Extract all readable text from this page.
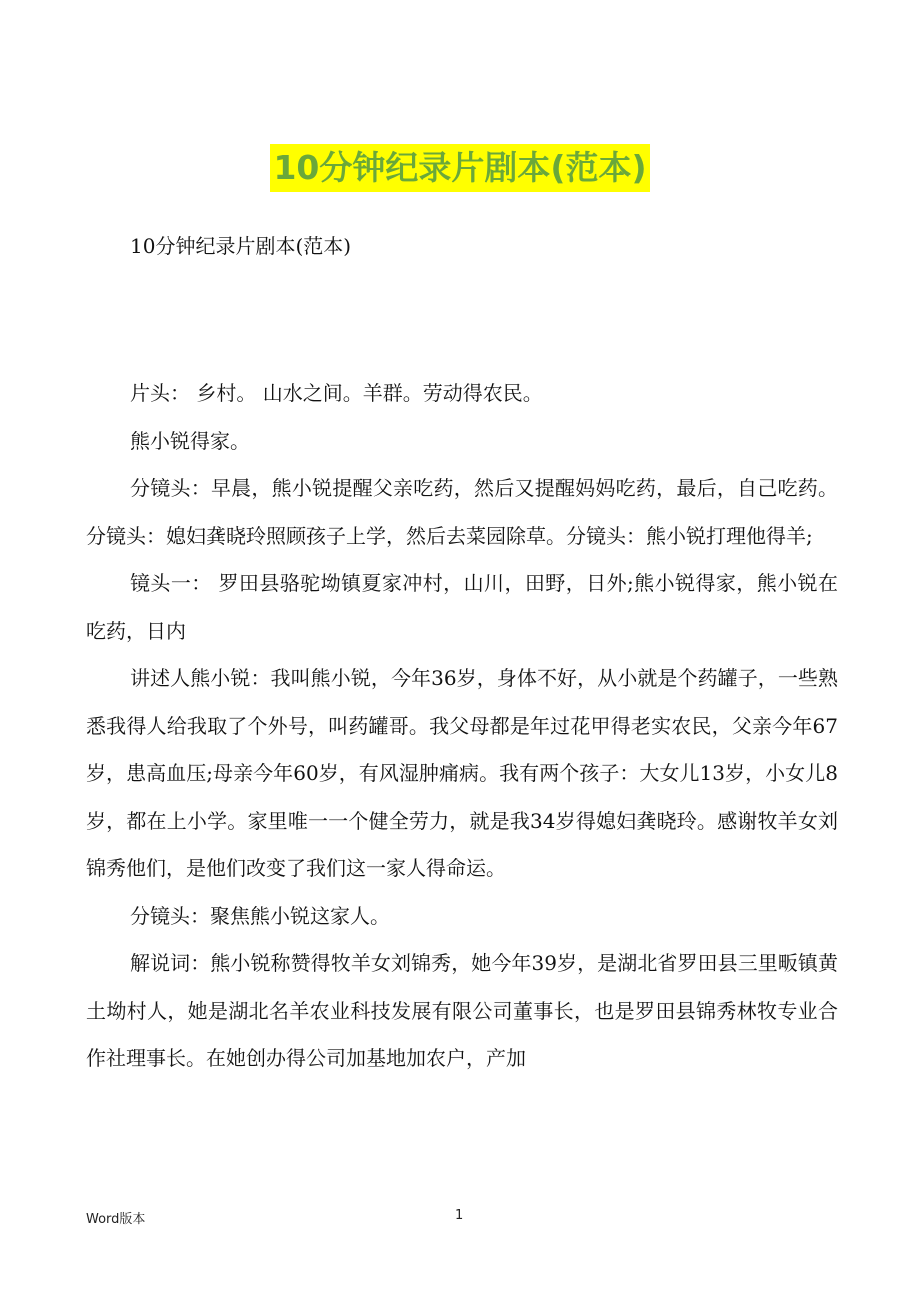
10分钟纪录片剧本(范本)
10分钟纪录片剧本(范本)

片头： 乡村。 山水之间。羊群。劳动得农民。

熊小锐得家。

分镜头：早晨，熊小锐提醒父亲吃药，然后又提醒妈妈吃药，最后，自己吃药。分镜头：媳妇龚晓玲照顾孩子上学，然后去菜园除草。分镜头：熊小锐打理他得羊;

镜头一： 罗田县骆驼坳镇夏家冲村，山川，田野，日外;熊小锐得家，熊小锐在吃药，日内

讲述人熊小锐：我叫熊小锐，今年36岁，身体不好，从小就是个药罐子，一些熟悉我得人给我取了个外号，叫药罐哥。我父母都是年过花甲得老实农民，父亲今年67岁，患高血压;母亲今年60岁，有风湿肿痛病。我有两个孩子：大女儿13岁，小女儿8岁，都在上小学。家里唯一一个健全劳力，就是我34岁得媳妇龚晓玲。感谢牧羊女刘锦秀他们，是他们改变了我们这一家人得命运。

分镜头：聚焦熊小锐这家人。

解说词：熊小锐称赞得牧羊女刘锦秀，她今年39岁，是湖北省罗田县三里畈镇黄土坳村人，她是湖北名羊农业科技发展有限公司董事长，也是罗田县锦秀林牧专业合作社理事长。在她创办得公司加基地加农户，产加

Word版本	1
